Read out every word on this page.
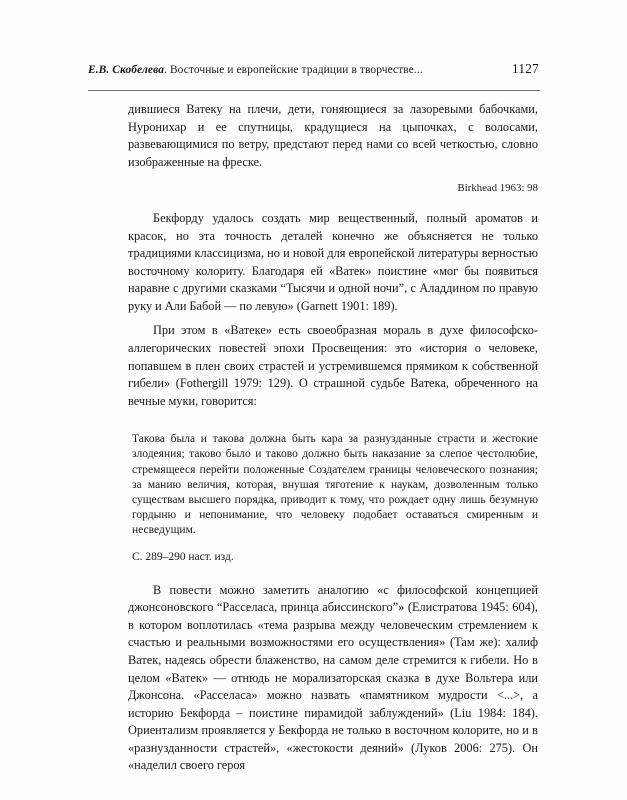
Е.В. Скобелева. Восточные и европейские традиции в творчестве...	1127

дившиеся Ватеку на плечи, дети, гоняющиеся за лазоревыми бабочками, Нуронихар и ее спутницы, крадущиеся на цыпочках, с волосами, развевающимися по ветру, предстают перед нами со всей четкостью, словно изображенные на фреске.

Birkhead 1963: 98

Бекфорду удалось создать мир вещественный, полный ароматов и красок, но эта точность деталей конечно же объясняется не только традициями классицизма, но и новой для европейской литературы верностью восточному колориту. Благодаря ей «Ватек» поистине «мог бы появиться наравне с другими сказками “Тысячи и одной ночи”, с Аладдином по правую руку и Али Бабой — по левую» (Garnett 1901: 189).

При этом в «Ватеке» есть своеобразная мораль в духе философско-аллегорических повестей эпохи Просвещения: это «история о человеке, попавшем в плен своих страстей и устремившемся прямиком к собственной гибели» (Fothergill 1979: 129). О страшной судьбе Ватека, обреченного на вечные муки, говорится:

Такова была и такова должна быть кара за разнузданные страсти и жестокие злодеяния; таково было и таково должно быть наказание за слепое честолюбие, стремящееся перейти положенные Создателем границы человеческого познания; за манию величия, которая, внушая тяготение к наукам, дозволенным только существам высшего порядка, приводит к тому, что рождает одну лишь безумную гордыню и непонимание, что человеку подобает оставаться смиренным и несведущим.

С. 289–290 наст. изд.

В повести можно заметить аналогию «с философской концепцией джонсоновского “Расселаса, принца абиссинского”» (Елистратова 1945: 604), в котором воплотилась «тема разрыва между человеческим стремлением к счастью и реальными возможностями его осуществления» (Там же): халиф Ватек, надеясь обрести блаженство, на самом деле стремится к гибели. Но в целом «Ватек» — отнюдь не морализаторская сказка в духе Вольтера или Джонсона. «Расселаса» можно назвать «памятником мудрости <...>, а историю Бекфорда – поистине пирамидой заблуждений» (Liu 1984: 184). Ориентализм проявляется у Бекфорда не только в восточном колорите, но и в «разнузданности страстей», «жестокости деяний» (Луков 2006: 275). Он «наделил своего героя
